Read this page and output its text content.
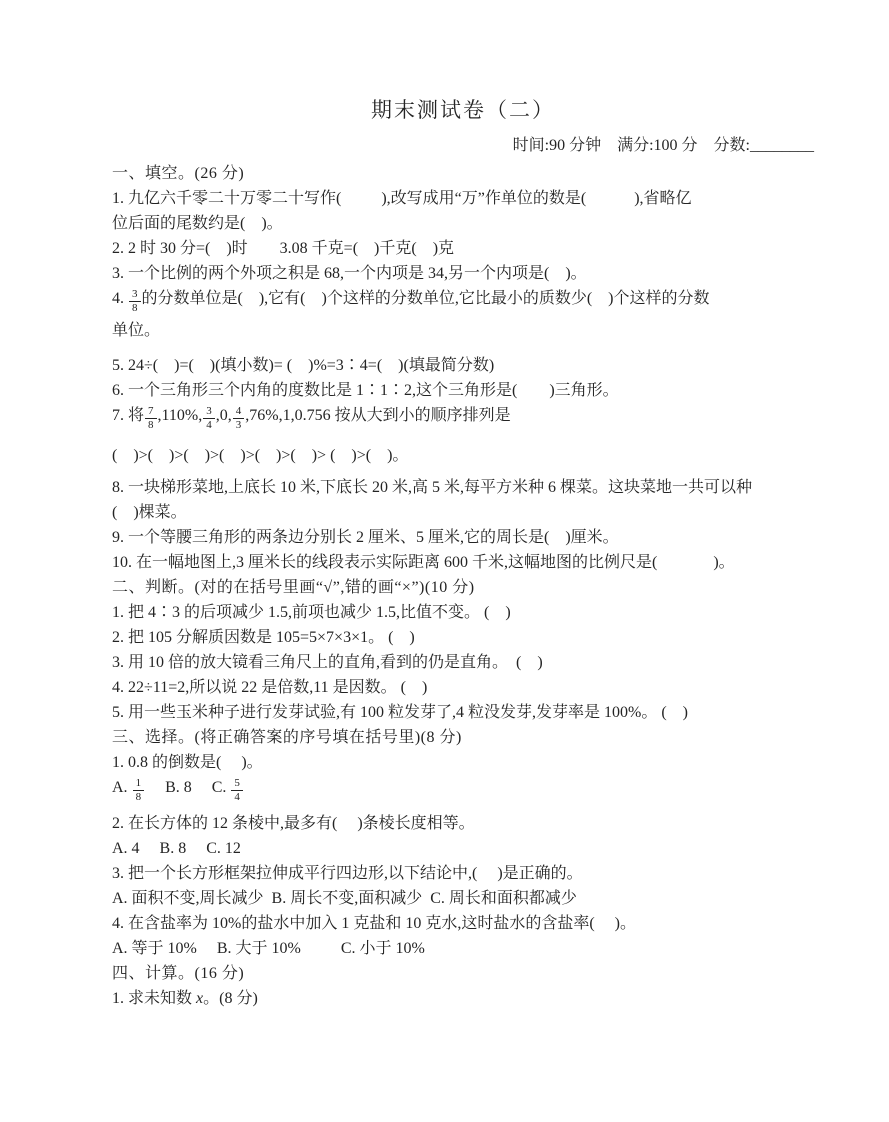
期末测试卷（二）
时间:90 分钟　满分:100 分　分数:________

一、填空。(26 分)

1. 九亿六千零二十万零二十写作(          ),改写成用“万”作单位的数是(            ),省略亿

位后面的尾数约是(    )。

2. 2 时 30 分=(    )时        3.08 千克=(    )千克(    )克

3. 一个比例的两个外项之积是 68,一个内项是 34,另一个内项是(    )。

4. $\frac{3}{8}$ 的分数单位是(    ),它有(    )个这样的分数单位,它比最小的质数少(    )个这样的分数

单位。

5. 24÷(    )=(    )(填小数)= (    )%=3∶4=(    )(填最简分数)

6. 一个三角形三个内角的度数比是 1∶1∶2,这个三角形是(        )三角形。

7. 将 $\frac{7}{8} ,110\%$, $\frac{3}{4} ,0$, $\frac{4}{3} ,76\%,1,0.756$ 按从大到小的顺序排列是

(    )>(    )>(    )>(    )>(    )>(    )> (    )>(    )。

8. 一块梯形菜地,上底长 10 米,下底长 20 米,高 5 米,每平方米种 6 棵菜。这块菜地一共可以种

(    )棵菜。

9. 一个等腰三角形的两条边分别长 2 厘米、5 厘米,它的周长是(    )厘米。

10. 在一幅地图上,3 厘米长的线段表示实际距离 600 千米,这幅地图的比例尺是(              )。

二、判断。(对的在括号里画“√”,错的画“×”)(10 分)

1. 把 4∶3 的后项减少 1.5,前项也减少 1.5,比值不变。 (    )

2. 把 105 分解质因数是 105=5×7×3×1。 (    )

3. 用 10 倍的放大镜看三角尺上的直角,看到的仍是直角。  (    )

4. 22÷11=2,所以说 22 是倍数,11 是因数。 (    )

5. 用一些玉米种子进行发芽试验,有 100 粒发芽了,4 粒没发芽,发芽率是 100%。 (    )

三、选择。(将正确答案的序号填在括号里)(8 分)

1. 0.8 的倒数是(     )。

A. $\frac{1}{8} B$. 8     C. $\frac{5}{4}$

2. 在长方体的 12 条棱中,最多有(     )条棱长度相等。

A. 4     B. 8     C. 12

3. 把一个长方形框架拉伸成平行四边形,以下结论中,(     )是正确的。

A. 面积不变,周长减少  B. 周长不变,面积减少  C. 周长和面积都减少

4. 在含盐率为 10%的盐水中加入 1 克盐和 10 克水,这时盐水的含盐率(     )。

A. 等于 10%     B. 大于 10%          C. 小于 10%

四、计算。(16 分)

1. 求未知数 x。(8 分)
